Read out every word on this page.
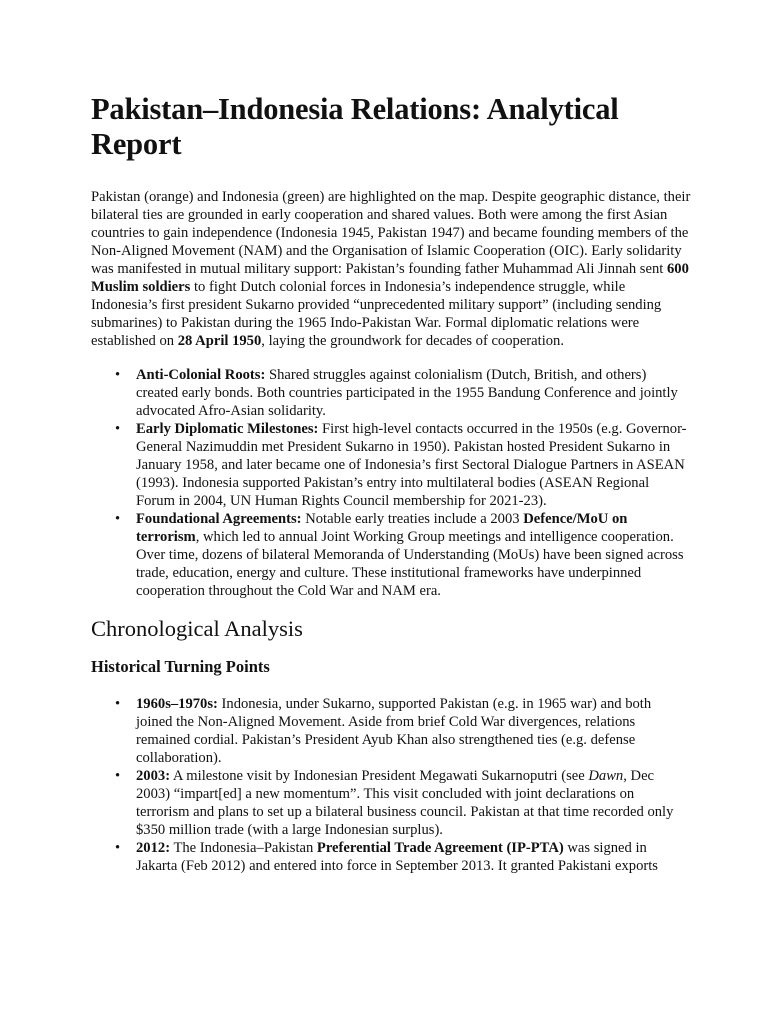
Pakistan–Indonesia Relations: Analytical Report

Pakistan (orange) and Indonesia (green) are highlighted on the map. Despite geographic distance, their bilateral ties are grounded in early cooperation and shared values. Both were among the first Asian countries to gain independence (Indonesia 1945, Pakistan 1947) and became founding members of the Non-Aligned Movement (NAM) and the Organisation of Islamic Cooperation (OIC). Early solidarity was manifested in mutual military support: Pakistan’s founding father Muhammad Ali Jinnah sent 600 Muslim soldiers to fight Dutch colonial forces in Indonesia’s independence struggle, while Indonesia’s first president Sukarno provided “unprecedented military support” (including sending submarines) to Pakistan during the 1965 Indo-Pakistan War. Formal diplomatic relations were established on 28 April 1950, laying the groundwork for decades of cooperation.

• Anti-Colonial Roots: Shared struggles against colonialism (Dutch, British, and others) created early bonds. Both countries participated in the 1955 Bandung Conference and jointly advocated Afro-Asian solidarity.
• Early Diplomatic Milestones: First high-level contacts occurred in the 1950s (e.g. Governor-General Nazimuddin met President Sukarno in 1950). Pakistan hosted President Sukarno in January 1958, and later became one of Indonesia’s first Sectoral Dialogue Partners in ASEAN (1993). Indonesia supported Pakistan’s entry into multilateral bodies (ASEAN Regional Forum in 2004, UN Human Rights Council membership for 2021-23).
• Foundational Agreements: Notable early treaties include a 2003 Defence/MoU on terrorism, which led to annual Joint Working Group meetings and intelligence cooperation. Over time, dozens of bilateral Memoranda of Understanding (MoUs) have been signed across trade, education, energy and culture. These institutional frameworks have underpinned cooperation throughout the Cold War and NAM era.
Chronological Analysis
Historical Turning Points
• 1960s–1970s: Indonesia, under Sukarno, supported Pakistan (e.g. in 1965 war) and both joined the Non-Aligned Movement. Aside from brief Cold War divergences, relations remained cordial. Pakistan’s President Ayub Khan also strengthened ties (e.g. defense collaboration).
• 2003: A milestone visit by Indonesian President Megawati Sukarnoputri (see Dawn, Dec 2003) “impart[ed] a new momentum”. This visit concluded with joint declarations on terrorism and plans to set up a bilateral business council. Pakistan at that time recorded only $350 million trade (with a large Indonesian surplus).
• 2012: The Indonesia–Pakistan Preferential Trade Agreement (IP-PTA) was signed in Jakarta (Feb 2012) and entered into force in September 2013. It granted Pakistani exports
